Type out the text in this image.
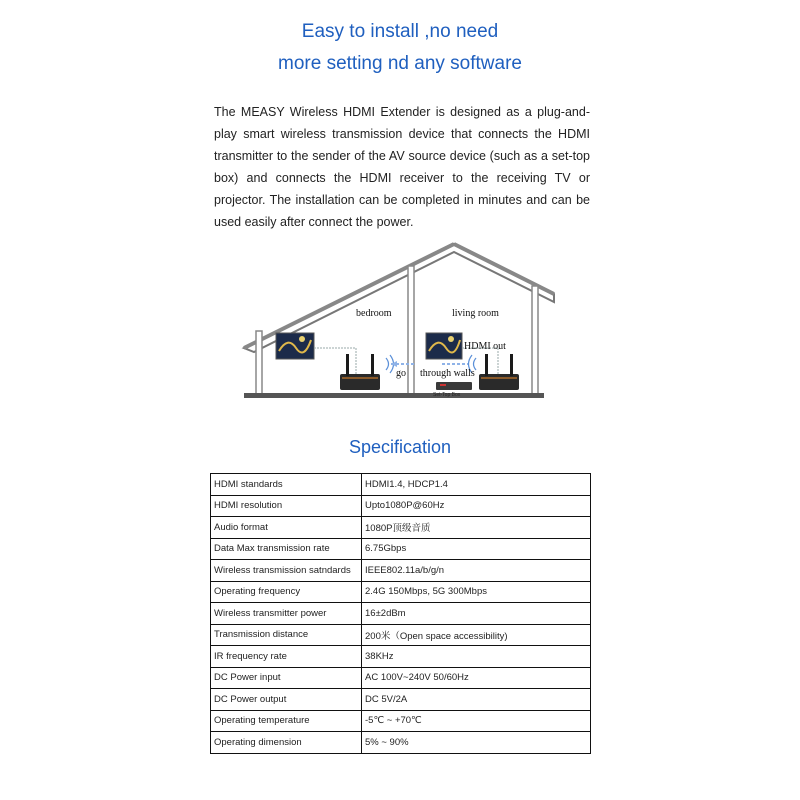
Easy to install ,no need
more setting nd any software

The MEASY Wireless HDMI Extender is designed as a plug-and-play smart wireless transmission device that connects the HDMI transmitter to the sender of the AV source device (such as a set-top box) and connects the HDMI receiver to the receiving TV or projector. The installation can be completed in minutes and can be used easily after connect the power.

Set-Top Box
bedroom	living room
HDMI out
go through walls
Specification
HDMI standards	HDMI1.4, HDCP1.4
HDMI resolution	Upto1080P@60Hz
Audio format	1080P顶级音质
Data Max transmission rate	6.75Gbps
Wireless transmission satndards	IEEE802.11a/b/g/n
Operating frequency	2.4G 150Mbps, 5G 300Mbps
Wireless transmitter power	16±2dBm
Transmission distance	200米（Open space accessibility)
IR frequency rate	38KHz
DC Power input	AC 100V~240V 50/60Hz
DC Power output	DC 5V/2A
Operating temperature	-5℃ ~ +70℃
Operating dimension	5% ~ 90%
